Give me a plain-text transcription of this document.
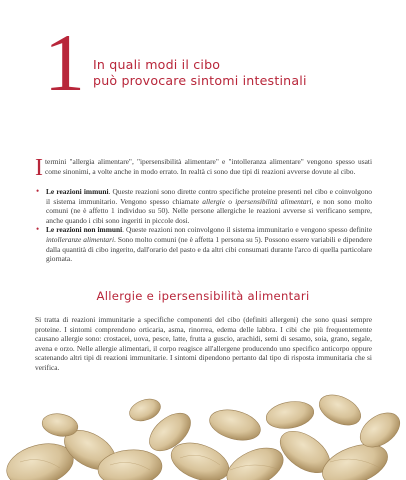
1 In quali modi il cibo
può provocare sintomi intestinali
I termini "allergia alimentare", "ipersensibilità alimentare" e "intolleranza alimentare" vengono spesso usati come sinonimi, a volte anche in modo errato. In realtà ci sono due tipi di reazioni avverse dovute al cibo.
• Le reazioni immuni. Queste reazioni sono dirette contro specifiche proteine presenti nel cibo e coinvolgono il sistema immunitario. Vengono spesso chiamate allergie o ipersensibilità alimentari, e non sono molto comuni (ne è affetto 1 individuo su 50). Nelle persone allergiche le reazioni avverse si verificano sempre, anche quando i cibi sono ingeriti in piccole dosi.
• Le reazioni non immuni. Queste reazioni non coinvolgono il sistema immunitario e vengono spesso definite intolleranze alimentari. Sono molto comuni (ne è affetta 1 persona su 5). Possono essere variabili e dipendere dalla quantità di cibo ingerito, dall'orario del pasto e da altri cibi consumati durante l'arco di quella particolare giornata.
Allergie e ipersensibilità alimentari
Si tratta di reazioni immunitarie a specifiche componenti del cibo (definiti allergeni) che sono quasi sempre proteine. I sintomi comprendono orticaria, asma, rinorrea, edema delle labbra. I cibi che più frequentemente causano allergie sono: crostacei, uova, pesce, latte, frutta a guscio, arachidi, semi di sesamo, soia, grano, segale, avena e orzo. Nelle allergie alimentari, il corpo reagisce all'allergene producendo uno specifico anticorpo oppure scatenando altri tipi di reazioni immunitarie. I sintomi dipendono pertanto dal tipo di risposta immunitaria che si verifica.
